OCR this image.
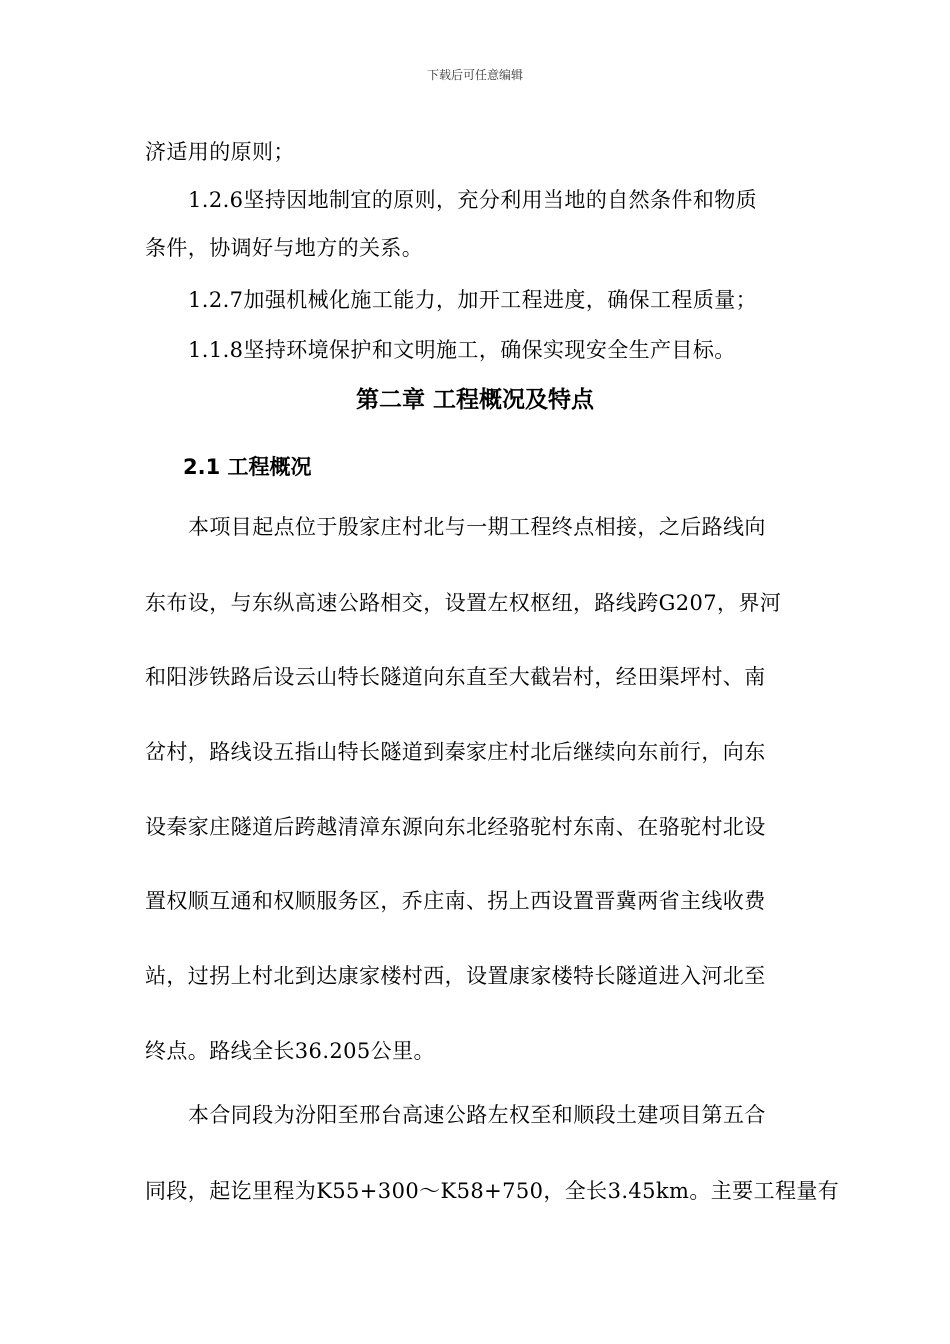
下载后可任意编辑
济适用的原则；
1.2.6坚持因地制宜的原则，充分利用当地的自然条件和物质
条件，协调好与地方的关系。
1.2.7加强机械化施工能力，加开工程进度，确保工程质量；
1.1.8坚持环境保护和文明施工，确保实现安全生产目标。
第二章 工程概况及特点
2.1 工程概况
本项目起点位于殷家庄村北与一期工程终点相接，之后路线向
东布设，与东纵高速公路相交，设置左权枢纽，路线跨G207，界河
和阳涉铁路后设云山特长隧道向东直至大截岩村，经田渠坪村、南
岔村，路线设五指山特长隧道到秦家庄村北后继续向东前行，向东
设秦家庄隧道后跨越清漳东源向东北经骆驼村东南、在骆驼村北设
置权顺互通和权顺服务区，乔庄南、拐上西设置晋冀两省主线收费
站，过拐上村北到达康家楼村西，设置康家楼特长隧道进入河北至
终点。路线全长36.205公里。
本合同段为汾阳至邢台高速公路左权至和顺段土建项目第五合
同段，起讫里程为K55+300～K58+750，全长3.45km。主要工程量有
